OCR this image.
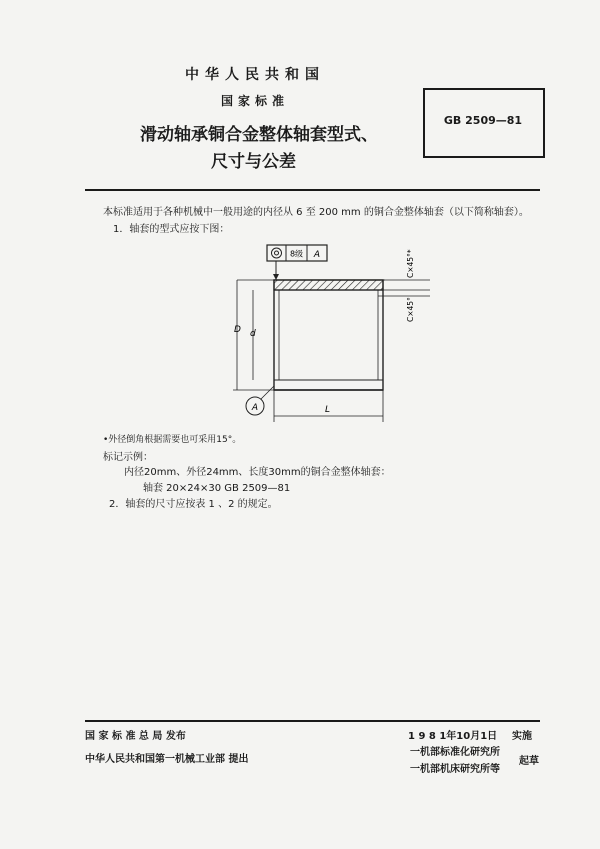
中华人民共和国
国家标准
滑动轴承铜合金整体轴套型式、
尺寸与公差
GB 2509—81
本标准适用于各种机械中一般用途的内径从 6 至 200 mm 的铜合金整体轴套（以下简称轴套）。
1．轴套的型式应按下图：
8级 A
D d
A	L
C×45°*
C×45°
•外径倒角根据需要也可采用15°。
标记示例：
内径20mm、外径24mm、长度30mm的铜合金整体轴套：
轴套 20×24×30 GB 2509—81
2．轴套的尺寸应按表 1 、2 的规定。
国 家 标 准 总 局 发布	1 9 8 1年10月1日 实施
中华人民共和国第一机械工业部 提出
一机部标准化研究所
一机部机床研究所等
起草
